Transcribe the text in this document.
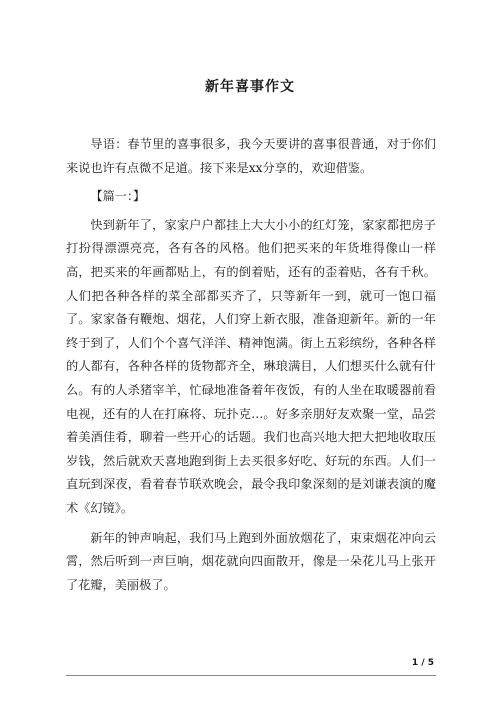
新年喜事作文

导语：春节里的喜事很多，我今天要讲的喜事很普通，对于你们来说也许有点微不足道。接下来是xx分享的，欢迎借鉴。

【篇一：】

快到新年了，家家户户都挂上大大小小的红灯笼，家家都把房子打扮得漂漂亮亮，各有各的风格。他们把买来的年货堆得像山一样高，把买来的年画都贴上，有的倒着贴，还有的歪着贴，各有千秋。人们把各种各样的菜全部都买齐了，只等新年一到，就可一饱口福了。家家备有鞭炮、烟花，人们穿上新衣服，准备迎新年。新的一年终于到了，人们个个喜气洋洋、精神饱满。街上五彩缤纷，各种各样的人都有，各种各样的货物都齐全，琳琅满目，人们想买什么就有什么。有的人杀猪宰羊，忙碌地准备着年夜饭，有的人坐在取暖器前看电视，还有的人在打麻将、玩扑克…。好多亲朋好友欢聚一堂，品尝着美酒佳肴，聊着一些开心的话题。我们也高兴地大把大把地收取压岁钱，然后就欢天喜地跑到街上去买很多好吃、好玩的东西。人们一直玩到深夜，看着春节联欢晚会，最令我印象深刻的是刘谦表演的魔术《幻镜》。

新年的钟声响起，我们马上跑到外面放烟花了，束束烟花冲向云霄，然后听到一声巨响，烟花就向四面散开，像是一朵花儿马上张开了花瓣，美丽极了。

1 / 5
